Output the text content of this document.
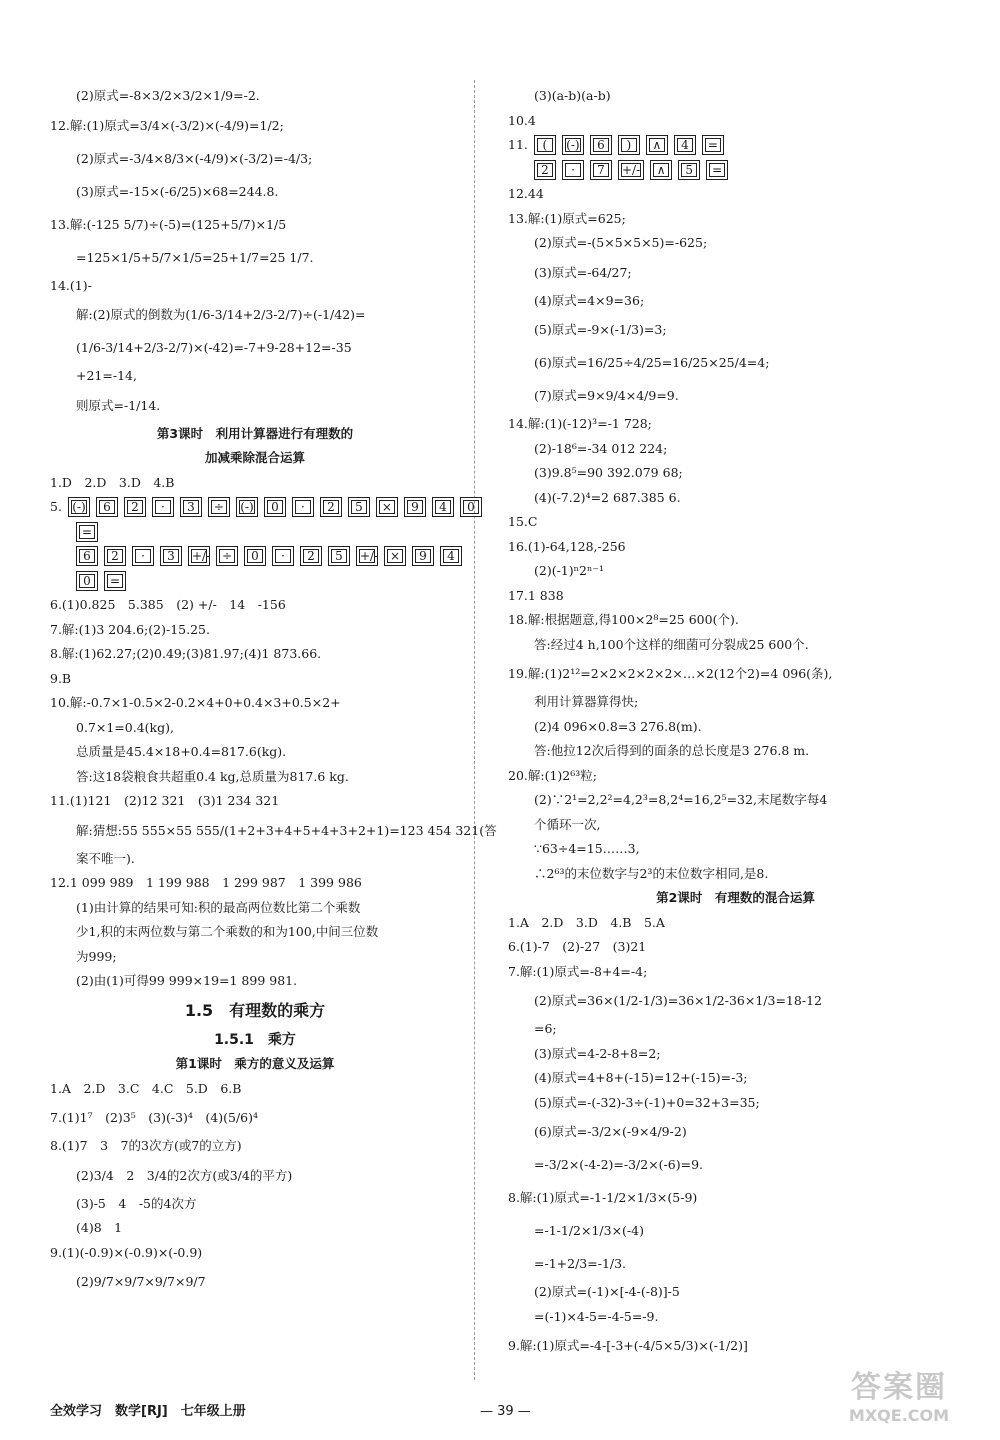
(2)原式=-8×3/2×3/2×1/9=-2.
12.解:(1)原式=3/4×(-3/2)×(-4/9)=1/2;
(2)原式=-3/4×8/3×(-4/9)×(-3/2)=-4/3;
(3)原式=-15×(-6/25)×68=244.8.
13.解:(-125 5/7)÷(-5)=(125+5/7)×1/5
=125×1/5+5/7×1/5=25+1/7=25 1/7.
14.(1)-
解:(2)原式的倒数为(1/6-3/14+2/3-2/7)÷(-1/42)=
(1/6-3/14+2/3-2/7)×(-42)=-7+9-28+12=-35
+21=-14,
则原式=-1/14.
第3课时　利用计算器进行有理数的
加减乘除混合运算
1.D　2.D　3.D　4.B
5. (-)	6	2	·	3	÷	(-)	0	·	2	5	×	9	4	0
=
6	2	·	3	+/- ÷	0	·	2	5	+/- ×	9	4
0	=
6.(1)0.825　5.385　(2) +/-　14　-156
7.解:(1)3 204.6;(2)-15.25.
8.解:(1)62.27;(2)0.49;(3)81.97;(4)1 873.66.
9.B
10.解:-0.7×1-0.5×2-0.2×4+0+0.4×3+0.5×2+
0.7×1=0.4(kg),
总质量是45.4×18+0.4=817.6(kg).
答:这18袋粮食共超重0.4 kg,总质量为817.6 kg.
11.(1)121　(2)12 321　(3)1 234 321
解:猜想:55 555×55 555/(1+2+3+4+5+4+3+2+1)=123 454 321(答
案不唯一).
12.1 099 989　1 199 988　1 299 987　1 399 986
(1)由计算的结果可知:积的最高两位数比第二个乘数
少1,积的末两位数与第二个乘数的和为100,中间三位数
为999;
(2)由(1)可得99 999×19=1 899 981.
1.5　有理数的乘方
1.5.1　乘方
第1课时　乘方的意义及运算
1.A　2.D　3.C　4.C　5.D　6.B
7.(1)1⁷　(2)3⁵　(3)(-3)⁴　(4)(5/6)⁴
8.(1)7　3　7的3次方(或7的立方)
(2)3/4　2　3/4的2次方(或3/4的平方)
(3)-5　4　-5的4次方
(4)8　1
9.(1)(-0.9)×(-0.9)×(-0.9)
(2)9/7×9/7×9/7×9/7
(3)(a-b)(a-b)
10.4
11.	(	(-)	6	)	∧	4	=
2	·	7	+/-	∧	5	=
12.44
13.解:(1)原式=625;
(2)原式=-(5×5×5×5)=-625;
(3)原式=-64/27;
(4)原式=4×9=36;
(5)原式=-9×(-1/3)=3;
(6)原式=16/25÷4/25=16/25×25/4=4;
(7)原式=9×9/4×4/9=9.
14.解:(1)(-12)³=-1 728;
(2)-18⁶=-34 012 224;
(3)9.8⁵=90 392.079 68;
(4)(-7.2)⁴=2 687.385 6.
15.C
16.(1)-64,128,-256
(2)(-1)ⁿ2ⁿ⁻¹
17.1 838
18.解:根据题意,得100×2⁸=25 600(个).
答:经过4 h,100个这样的细菌可分裂成25 600个.
19.解:(1)2¹²=2×2×2×2×2×…×2(12个2)=4 096(条),
利用计算器算得快;
(2)4 096×0.8=3 276.8(m).
答:他拉12次后得到的面条的总长度是3 276.8 m.
20.解:(1)2⁶³粒;
(2)∵2¹=2,2²=4,2³=8,2⁴=16,2⁵=32,末尾数字每4
个循环一次,
∵63÷4=15……3,
∴2⁶³的末位数字与2³的末位数字相同,是8.
第2课时　有理数的混合运算
1.A　2.D　3.D　4.B　5.A
6.(1)-7　(2)-27　(3)21
7.解:(1)原式=-8+4=-4;
(2)原式=36×(1/2-1/3)=36×1/2-36×1/3=18-12
=6;
(3)原式=4-2-8+8=2;
(4)原式=4+8+(-15)=12+(-15)=-3;
(5)原式=-(-32)-3÷(-1)+0=32+3=35;
(6)原式=-3/2×(-9×4/9-2)
=-3/2×(-4-2)=-3/2×(-6)=9.
8.解:(1)原式=-1-1/2×1/3×(5-9)
=-1-1/2×1/3×(-4)
=-1+2/3=-1/3.
(2)原式=(-1)×[-4-(-8)]-5
=(-1)×4-5=-4-5=-9.
9.解:(1)原式=-4-[-3+(-4/5×5/3)×(-1/2)]
全效学习　数学[RJ]　七年级上册	— 39 —
答案圈
MXQE.COM
